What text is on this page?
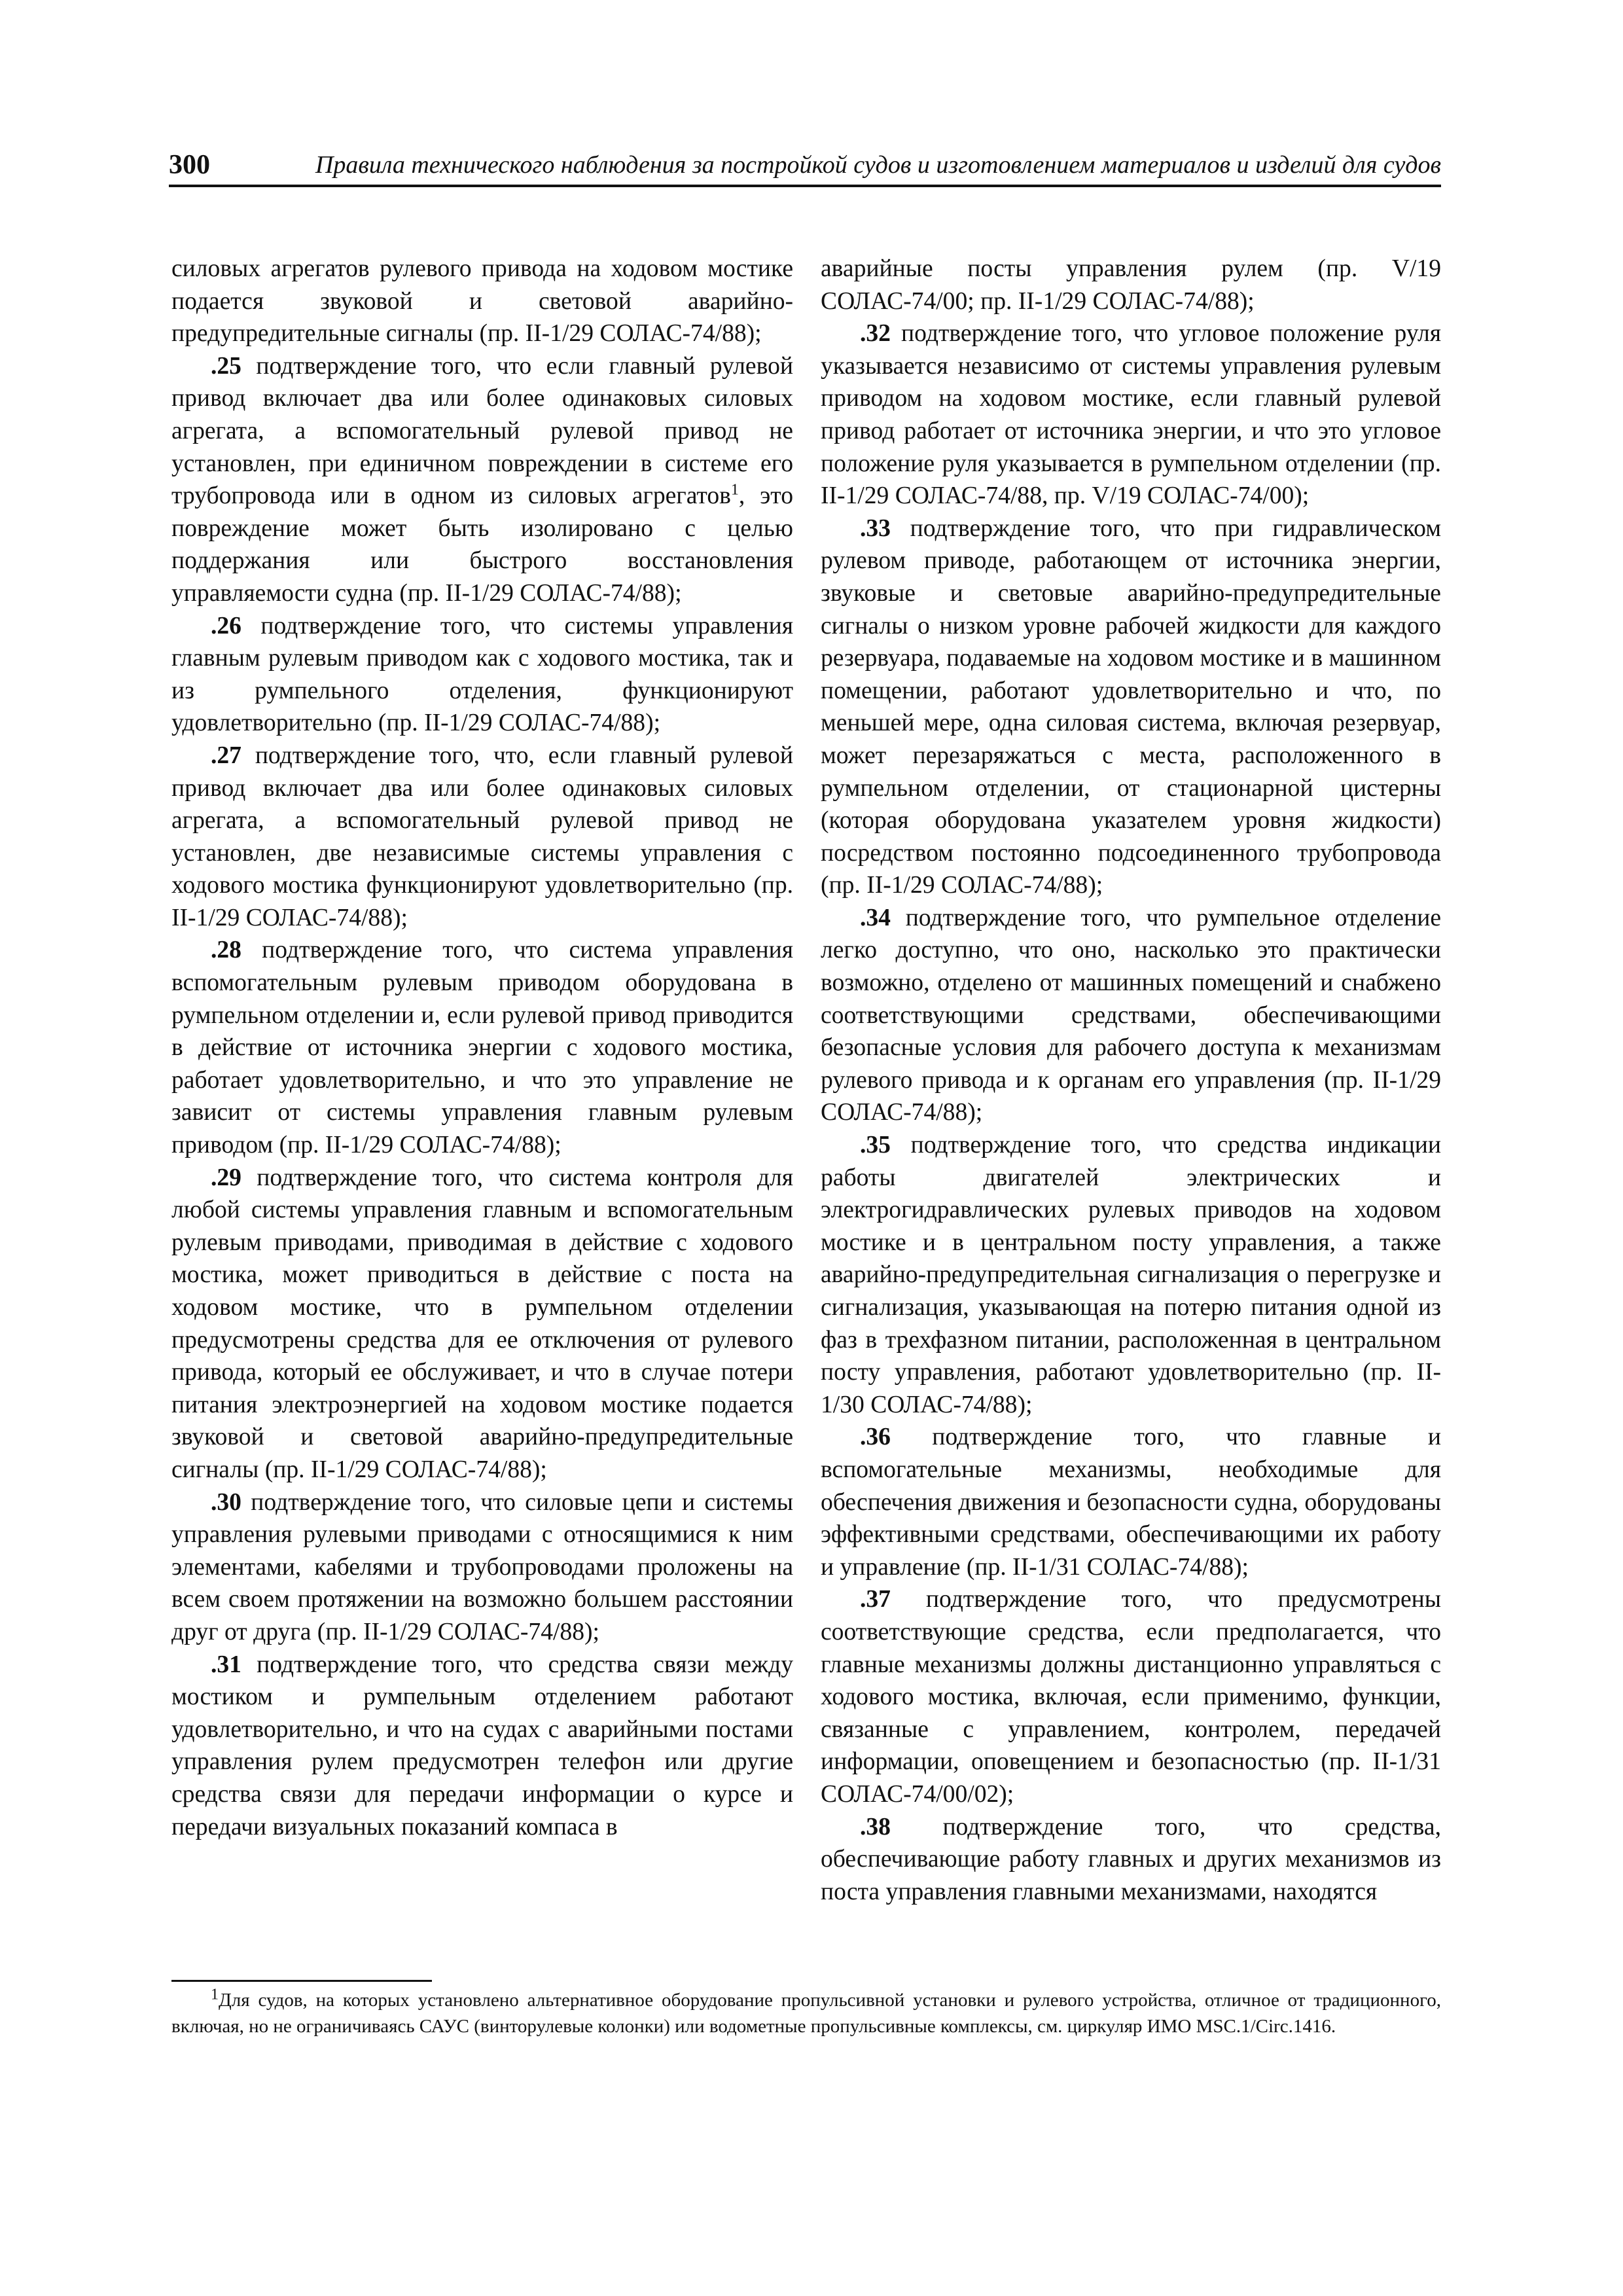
300	Правила технического наблюдения за постройкой судов и изготовлением материалов и изделий для судов

силовых агрегатов рулевого привода на ходовом мостике подается звуковой и световой аварийно-предупредительные сигналы (пр. II-1/29 СОЛАС-74/88);

.25 подтверждение того, что если главный рулевой привод включает два или более одинаковых силовых агрегата, а вспомогательный рулевой привод не установлен, при единичном повреждении в системе его трубопровода или в одном из силовых агрегатов$^1$, это повреждение может быть изолировано с целью поддержания или быстрого восстановления управляемости судна (пр. II-1/29 СОЛАС-74/88);

.26 подтверждение того, что системы управления главным рулевым приводом как с ходового мостика, так и из румпельного отделения, функционируют удовлетворительно (пр. II-1/29 СОЛАС-74/88);

.27 подтверждение того, что, если главный рулевой привод включает два или более одинаковых силовых агрегата, а вспомогательный рулевой привод не установлен, две независимые системы управления с ходового мостика функционируют удовлетворительно (пр. II-1/29 СОЛАС-74/88);

.28 подтверждение того, что система управления вспомогательным рулевым приводом оборудована в румпельном отделении и, если рулевой привод приводится в действие от источника энергии с ходового мостика, работает удовлетворительно, и что это управление не зависит от системы управления главным рулевым приводом (пр. II-1/29 СОЛАС-74/88);

.29 подтверждение того, что система контроля для любой системы управления главным и вспомогательным рулевым приводами, приводимая в действие с ходового мостика, может приводиться в действие с поста на ходовом мостике, что в румпельном отделении предусмотрены средства для ее отключения от рулевого привода, который ее обслуживает, и что в случае потери питания электроэнергией на ходовом мостике подается звуковой и световой аварийно-предупредительные сигналы (пр. II-1/29 СОЛАС-74/88);

.30 подтверждение того, что силовые цепи и системы управления рулевыми приводами с относящимися к ним элементами, кабелями и трубопроводами проложены на всем своем протяжении на возможно большем расстоянии друг от друга (пр. II-1/29 СОЛАС-74/88);

.31 подтверждение того, что средства связи между мостиком и румпельным отделением работают удовлетворительно, и что на судах с аварийными постами управления рулем предусмотрен телефон или другие средства связи для передачи информации о курсе и передачи визуальных показаний компаса в

аварийные посты управления рулем (пр. V/19 СОЛАС-74/00; пр. II-1/29 СОЛАС-74/88);

.32 подтверждение того, что угловое положение руля указывается независимо от системы управления рулевым приводом на ходовом мостике, если главный рулевой привод работает от источника энергии, и что это угловое положение руля указывается в румпельном отделении (пр. II-1/29 СОЛАС-74/88, пр. V/19 СОЛАС-74/00);

.33 подтверждение того, что при гидравлическом рулевом приводе, работающем от источника энергии, звуковые и световые аварийно-предупредительные сигналы о низком уровне рабочей жидкости для каждого резервуара, подаваемые на ходовом мостике и в машинном помещении, работают удовлетворительно и что, по меньшей мере, одна силовая система, включая резервуар, может перезаряжаться с места, расположенного в румпельном отделении, от стационарной цистерны (которая оборудована указателем уровня жидкости) посредством постоянно подсоединенного трубопровода (пр. II-1/29 СОЛАС-74/88);

.34 подтверждение того, что румпельное отделение легко доступно, что оно, насколько это практически возможно, отделено от машинных помещений и снабжено соответствующими средствами, обеспечивающими безопасные условия для рабочего доступа к механизмам рулевого привода и к органам его управления (пр. II-1/29 СОЛАС-74/88);

.35 подтверждение того, что средства индикации работы двигателей электрических и электрогидравлических рулевых приводов на ходовом мостике и в центральном посту управления, а также аварийно-предупредительная сигнализация о перегрузке и сигнализация, указывающая на потерю питания одной из фаз в трехфазном питании, расположенная в центральном посту управления, работают удовлетворительно (пр. II-1/30 СОЛАС-74/88);

.36 подтверждение того, что главные и вспомогательные механизмы, необходимые для обеспечения движения и безопасности судна, оборудованы эффективными средствами, обеспечивающими их работу и управление (пр. II-1/31 СОЛАС-74/88);

.37 подтверждение того, что предусмотрены соответствующие средства, если предполагается, что главные механизмы должны дистанционно управляться с ходового мостика, включая, если применимо, функции, связанные с управлением, контролем, передачей информации, оповещением и безопасностью (пр. II-1/31 СОЛАС-74/00/02);

.38 подтверждение того, что средства, обеспечивающие работу главных и других механизмов из поста управления главными механизмами, находятся

$^1$Для судов, на которых установлено альтернативное оборудование пропульсивной установки и рулевого устройства, отличное от традиционного, включая, но не ограничиваясь САУС (винторулевые колонки) или водометные пропульсивные комплексы, см. циркуляр ИМО MSC.1/Circ.1416.
